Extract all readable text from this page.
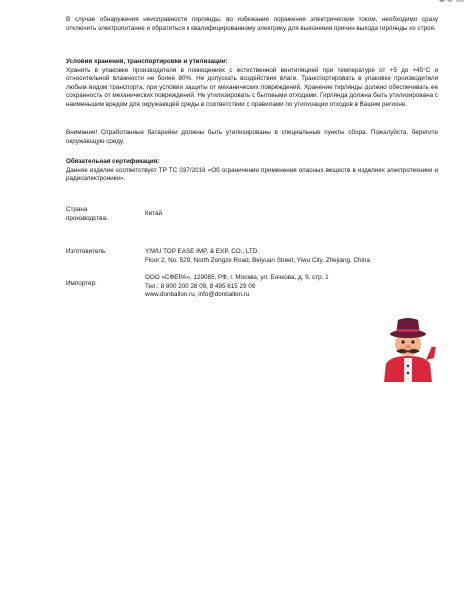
В случае обнаружения неисправности гирлянды, во избежание поражения электрическим током, необходимо сразу отключить электропитание и обратиться к квалифицированному электрику для выяснения причин выхода гирлянды из строя.

Условия хранения, транспортировки и утилизации:
Хранить в упаковке производителя в помещениях с естественной вентиляцией при температуре от +5 до +45°С и относительной влажности не более 80%. Не допускать воздействия влаги. Транспортировать в упаковке производителя любым видом транспорта, при условии защиты от механических повреждений. Хранение гирлянды должно обеспечивать ее сохранность от механических повреждений. Не утилизировать с бытовыми отходами. Гирлянда должна быть утилизирована с наименьшим вредом для окружающей среды в соответствии с правилами по утилизации отходов в Вашем регионе.

Внимание! Отработанные батарейки должны быть утилизированы в специальные пункты сбора. Пожалуйста, берегите окружающую среду.

Обязательная сертификация:
Данное изделие соответствует ТР ТС 037/2016 «Об ограничении применения опасных веществ в изделиях электротехники и радиоэлектроники».

Страна
производства:
Китай
Изготовитель:	YIWU TOP EASE IMP. & EXP. CO., LTD.
Floor 2, No. 529, North Zongze Road, Beiyuan Street, Yiwu City, Zhejiang, China
Импортер:
ООО «СФЕРА», 129085, РФ, г. Москва, ул. Бочкова, д. 9, стр. 1
Тел.: 8 800 200 28 09, 8 495 615 29 09
www.donballon.ru, info@donballon.ru
